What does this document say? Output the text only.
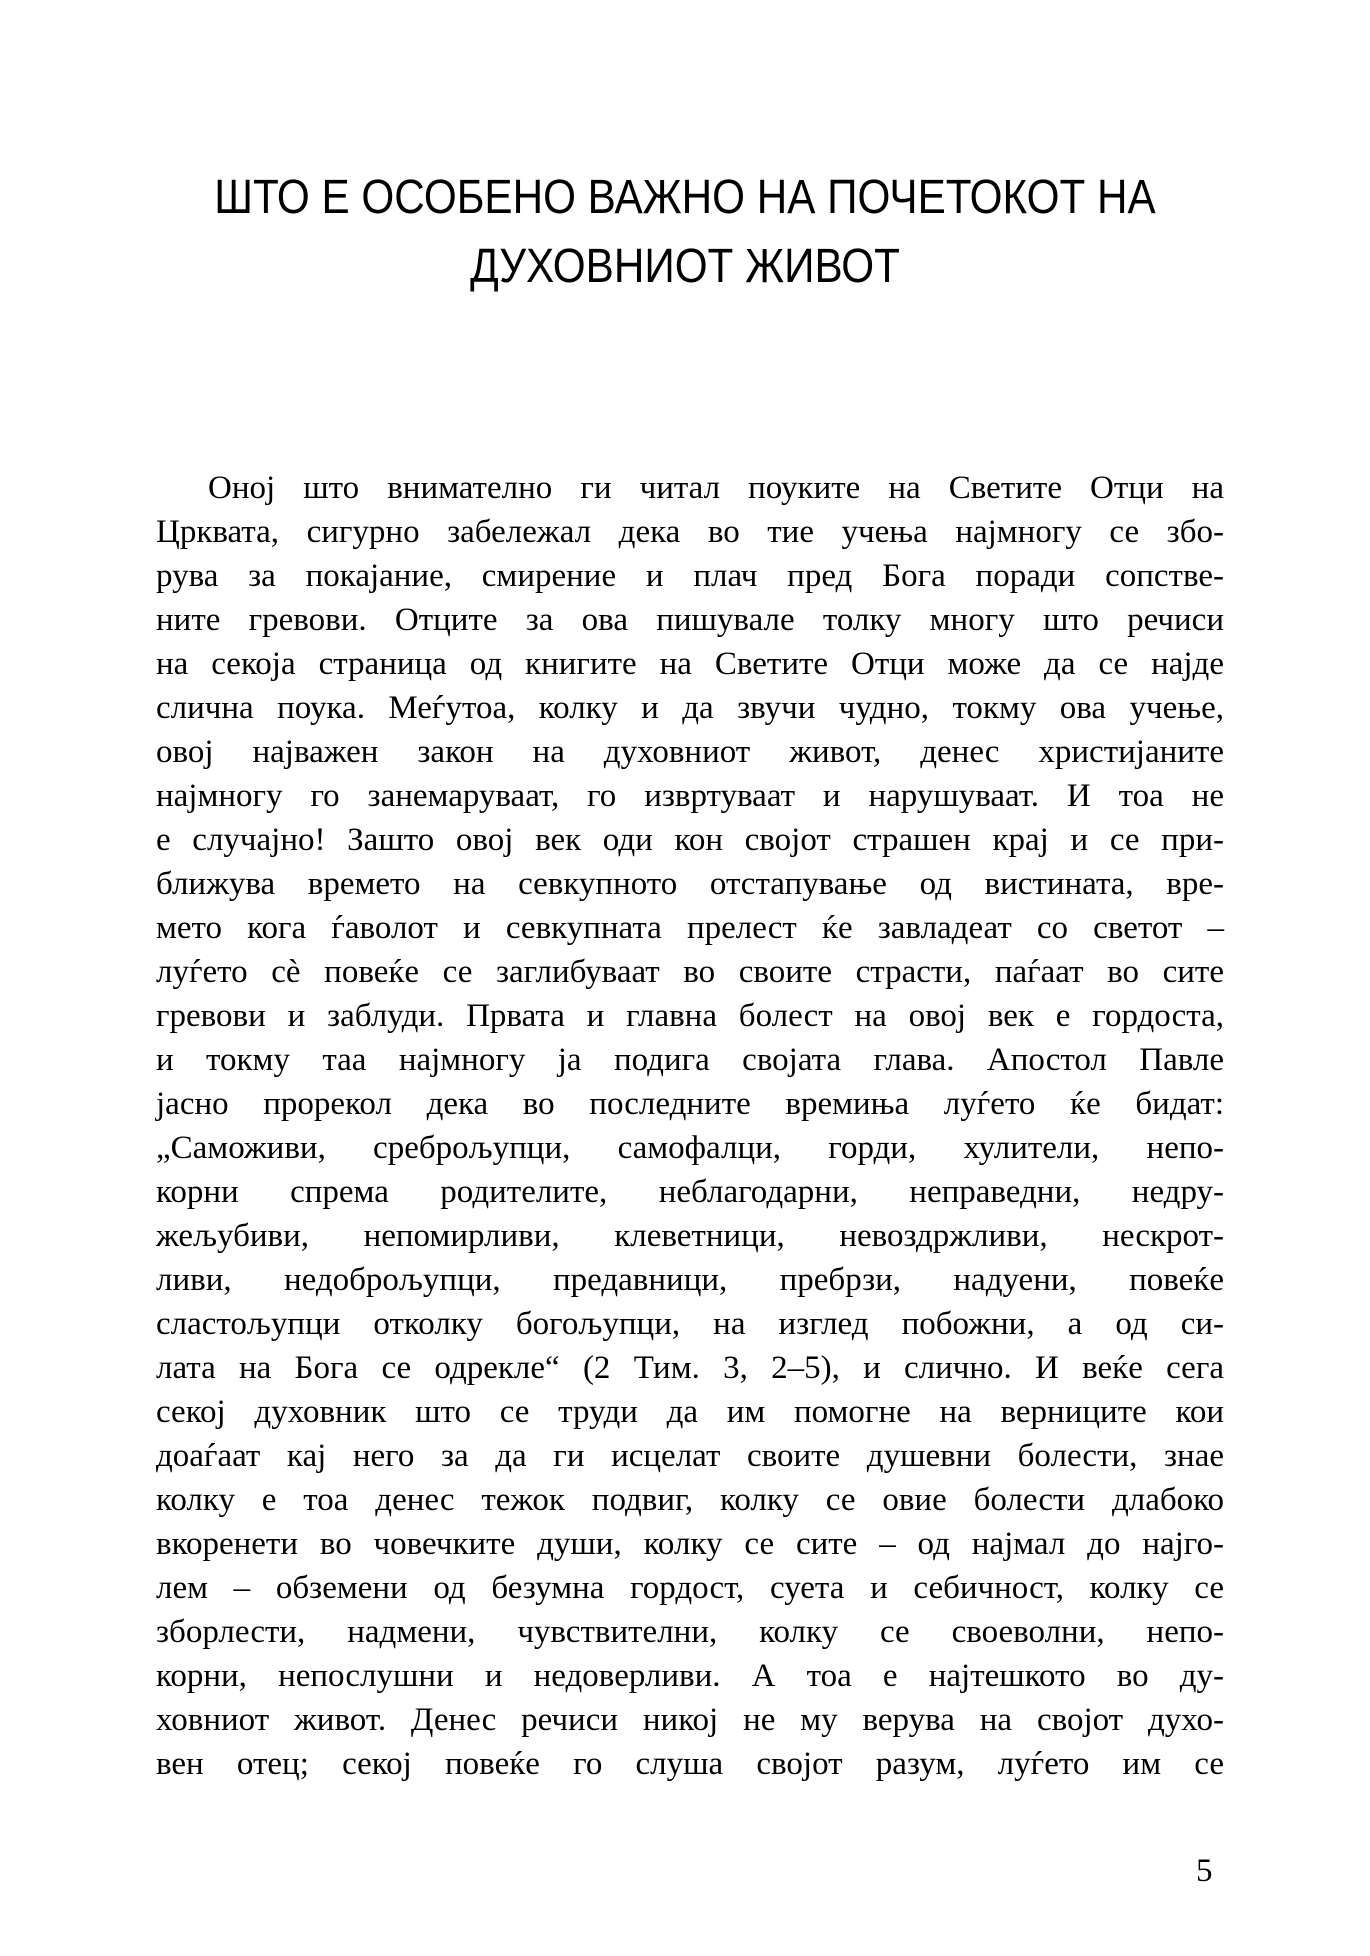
ШТО Е ОСОБЕНО ВАЖНО НА ПОЧЕТОКОТ НА
ДУХОВНИОТ ЖИВОТ
Оној што внимателно ги читал поуките на Светите Отци на
Црквата, сигурно забележал дека во тие учења најмногу се збо-
рува за покајание, смирение и плач пред Бога поради сопстве-
ните гревови. Отците за ова пишувале толку многу што речиси
на секоја страница од книгите на Светите Отци може да се најде
слична поука. Меѓутоа, колку и да звучи чудно, токму ова учење,
овој најважен закон на духовниот живот, денес христијаните
најмногу го занемаруваат, го извртуваат и нарушуваат. И тоа не
е случајно! Зашто овој век оди кон својот страшен крај и се при-
ближува времето на севкупното отстапување од вистината, вре-
мето кога ѓаволот и севкупната прелест ќе завладеат со светот –
луѓето сѐ повеќе се заглибуваат во своите страсти, паѓаат во сите
гревови и заблуди. Првата и главна болест на овој век е гордоста,
и токму таа најмногу ја подига својата глава. Апостол Павле
јасно прорекол дека во последните времиња луѓето ќе бидат:
„Саможиви, среброљупци, самофалци, горди, хулители, непо-
корни спрема родителите, неблагодарни, неправедни, недру-
жељубиви, непомирливи, клеветници, невоздржливи, нескрот-
ливи, недоброљупци, предавници, пребрзи, надуени, повеќе
сластољупци отколку богољупци, на изглед побожни, а од си-
лата на Бога се одрекле“ (2 Тим. 3, 2–5), и слично. И веќе сега
секој духовник што се труди да им помогне на верниците кои
доаѓаат кај него за да ги исцелат своите душевни болести, знае
колку е тоа денес тежок подвиг, колку се овие болести длабоко
вкоренети во човечките души, колку се сите – од најмал до најго-
лем – обземени од безумна гордост, суета и себичност, колку се
зборлести, надмени, чувствителни, колку се своеволни, непо-
корни, непослушни и недоверливи. А тоа е најтешкото во ду-
ховниот живот. Денес речиси никој не му верува на својот духо-
вен отец; секој повеќе го слуша својот разум, луѓето им се
5
